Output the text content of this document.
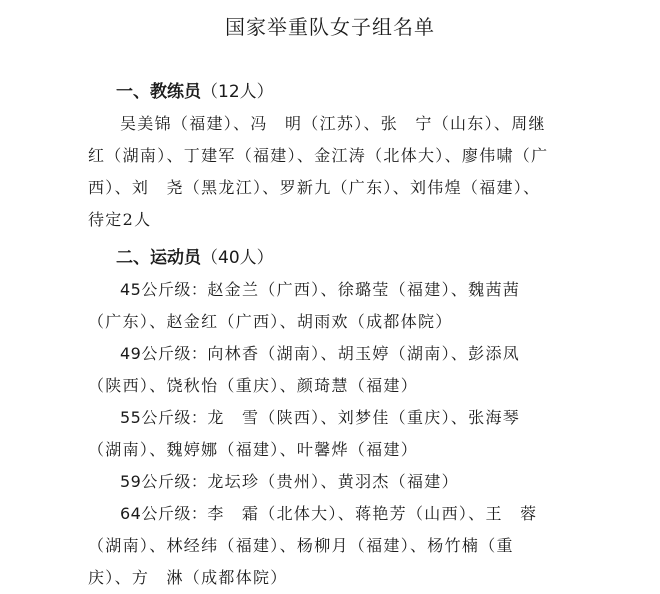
国家举重队女子组名单
一、教练员（12人）

吴美锦（福建）、冯　明（江苏）、张　宁（山东）、周继

红（湖南）、丁建军（福建）、金江涛（北体大）、廖伟啸（广

西）、刘　尧（黑龙江）、罗新九（广东）、刘伟煌（福建）、

待定2人

二、运动员（40人）

45公斤级：赵金兰（广西）、徐璐莹（福建）、魏茜茜

（广东）、赵金红（广西）、胡雨欢（成都体院）

49公斤级：向林香（湖南）、胡玉婷（湖南）、彭添凤

（陕西）、饶秋怡（重庆）、颜琦慧（福建）

55公斤级：龙　雪（陕西）、刘梦佳（重庆）、张海琴

（湖南）、魏婷娜（福建）、叶馨烨（福建）

59公斤级：龙坛珍（贵州）、黄羽杰（福建）

64公斤级：李　霜（北体大）、蒋艳芳（山西）、王　蓉

（湖南）、林经纬（福建）、杨柳月（福建）、杨竹楠（重

庆）、方　淋（成都体院）
